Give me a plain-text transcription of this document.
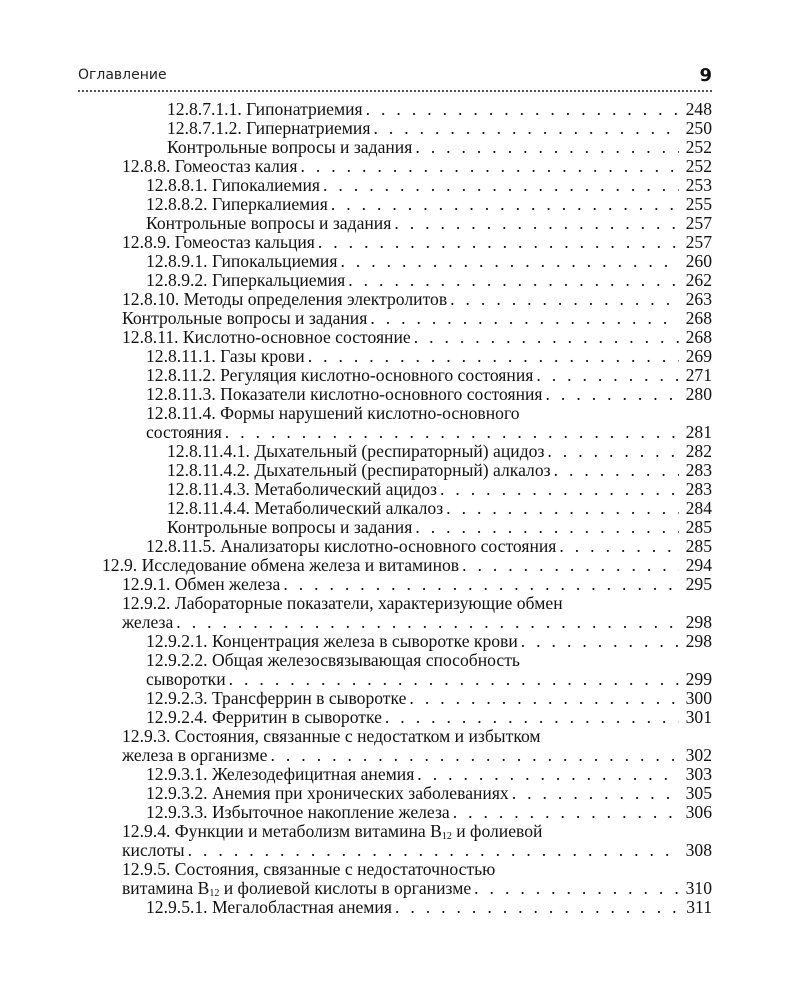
Оглавление	9
12.8.7.1.1. Гипонатриемия . . .	248
12.8.7.1.2. Гипернатриемия . . .	250
Контрольные вопросы и задания . . .	252
12.8.8. Гомеостаз калия . . .	252
12.8.8.1. Гипокалиемия . . .	253
12.8.8.2. Гиперкалиемия . . .	255
Контрольные вопросы и задания . . .	257
12.8.9. Гомеостаз кальция . . .	257
12.8.9.1. Гипокальциемия . . .	260
12.8.9.2. Гиперкальциемия . . .	262
12.8.10. Методы определения электролитов . . .	263
Контрольные вопросы и задания . . .	268
12.8.11. Кислотно-основное состояние . . .	268
12.8.11.1. Газы крови . . .	269
12.8.11.2. Регуляция кислотно-основного состояния . . .	271
12.8.11.3. Показатели кислотно-основного состояния . . .	280
12.8.11.4. Формы нарушений кислотно-основного
состояния . . .	281
12.8.11.4.1. Дыхательный (респираторный) ацидоз . . .	282
12.8.11.4.2. Дыхательный (респираторный) алкалоз . . .	283
12.8.11.4.3. Метаболический ацидоз . . .	283
12.8.11.4.4. Метаболический алкалоз . . .	284
Контрольные вопросы и задания . . .	285
12.8.11.5. Анализаторы кислотно-основного состояния . . .	285
12.9. Исследование обмена железа и витаминов . . .	294
12.9.1. Обмен железа . . .	295
12.9.2. Лабораторные показатели, характеризующие обмен
железа . . .	298
12.9.2.1. Концентрация железа в сыворотке крови . . .	298
12.9.2.2. Общая железосвязывающая способность
сыворотки . . .	299
12.9.2.3. Трансферрин в сыворотке . . .	300
12.9.2.4. Ферритин в сыворотке . . .	301
12.9.3. Состояния, связанные с недостатком и избытком
железа в организме . . .	302
12.9.3.1. Железодефицитная анемия . . .	303
12.9.3.2. Анемия при хронических заболеваниях . . .	305
12.9.3.3. Избыточное накопление железа . . .	306
12.9.4. Функции и метаболизм витамина $B_{12}$ и фолиевой
кислоты . . .	308
12.9.5. Состояния, связанные с недостаточностью
витамина $B_{12}$ и фолиевой кислоты в организме . . .	310
12.9.5.1. Мегалобластная анемия . . .	311
